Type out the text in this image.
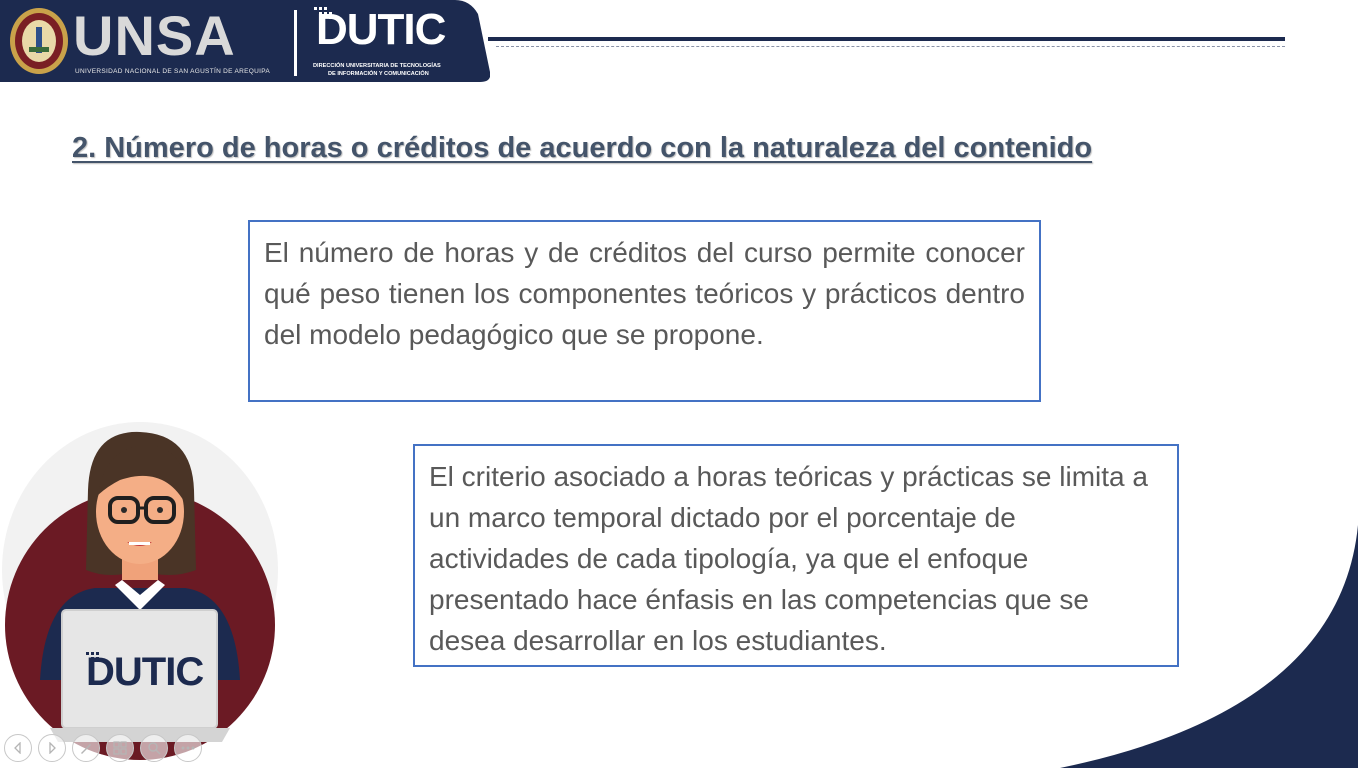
UNSA
UNIVERSIDAD NACIONAL DE SAN AGUSTÍN DE AREQUIPA
DUTIC
DIRECCIÓN UNIVERSITARIA DE TECNOLOGÍAS
DE INFORMACIÓN Y COMUNICACIÓN
2. Número de horas o créditos de acuerdo con la naturaleza del contenido
El número de horas y de créditos del curso permite conocer qué peso tienen los componentes teóricos y prácticos dentro del modelo pedagógico que se propone.
El criterio asociado a horas teóricas y prácticas se limita a un marco temporal dictado por el porcentaje de actividades de cada tipología, ya que el enfoque presentado hace énfasis en las competencias que se desea desarrollar en los estudiantes.
DUTIC
